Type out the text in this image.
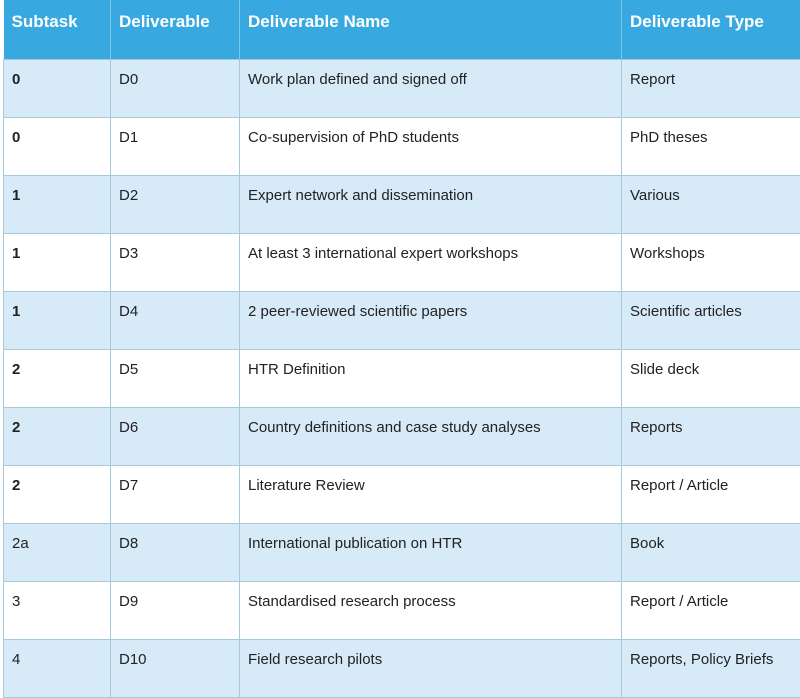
Subtask	Deliverable	Deliverable Name	Deliverable Type
0	D0	Work plan defined and signed off	Report
0	D1	Co-supervision of PhD students	PhD theses
1	D2	Expert network and dissemination	Various
1	D3	At least 3 international expert workshops	Workshops
1	D4	2 peer-reviewed scientific papers	Scientific articles
2	D5	HTR Definition	Slide deck
2	D6	Country definitions and case study analyses	Reports
2	D7	Literature Review	Report / Article
2a	D8	International publication on HTR	Book
3	D9	Standardised research process	Report / Article
4	D10	Field research pilots	Reports, Policy Briefs
